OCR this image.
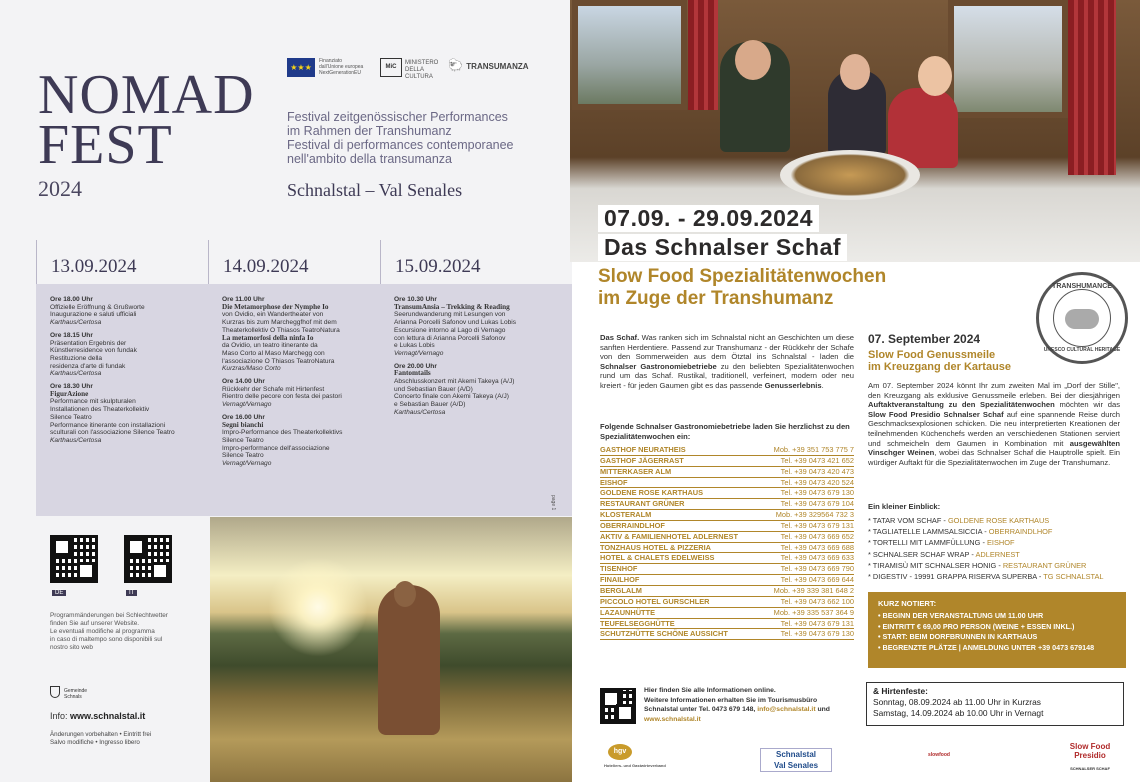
NOMAD
FEST
2024
★★★
Finanziato
dall'Unione europea
NextGenerationEU
MiC
MINISTERO DELLA CULTURA
🐑 TRANSUMANZA
Festival zeitgenössischer Performances
im Rahmen der Transhumanz
Festival di performances contemporanee
nell'ambito della transumanza
Schnalstal – Val Senales
13.09.2024
Ore 18.00 Uhr
Offizielle Eröffnung & Grußworte
Inaugurazione e saluti ufficiali
Karthaus/Certosa
Ore 18.15 Uhr
Präsentation Ergebnis der
Künstlerresidence von fundak
Restituzione della
residenza d'arte di fundak
Karthaus/Certosa
Ore 18.30 Uhr
FigurAzione
Performance mit skulpturalen
Installationen des Theaterkollektiv
Silence Teatro
Performance itinerante con installazioni
sculturali con l'associazione Silence Teatro
Karthaus/Certosa
14.09.2024
Ore 11.00 Uhr
Die Metamorphose der Nymphe Io
von Ovidio, ein Wandertheater von
Kurzras bis zum Marcheggfhof mit dem
Theaterkollektiv O Thiasos TeatroNatura
La metamorfosi della ninfa Io
da Ovidio, un teatro itinerante da
Maso Corto al Maso Marchegg con
l'associazione O Thiasos TeatroNatura
Kurzras/Maso Corto
Ore 14.00 Uhr
Rückkehr der Schafe mit Hirtenfest
Rientro delle pecore con festa dei pastori
Vernagt/Vernago
Ore 16.00 Uhr
Segni bianchi
Impro-Performance des Theaterkollektivs
Silence Teatro
Impro-performance dell'associazione
Silence Teatro
Vernagt/Vernago
15.09.2024
Ore 10.30 Uhr
TransumAnsia – Trekking & Reading
Seerundwanderung mit Lesungen von
Arianna Porcelli Safonov und Lukas Lobis
Escursione intorno al Lago di Vernago
con lettura di Arianna Porcelli Safonov
e Lukas Lobis
Vernagt/Vernago
Ore 20.00 Uhr
Fantomtails
Abschlusskonzert mit Akemi Takeya (A/J)
und Sebastian Bauer (A/D)
Concerto finale con Akemi Takeya (A/J)
e Sebastian Bauer (A/D)
Karthaus/Certosa
page 1
DE	IT
Programmänderungen bei Schlechtwetter
finden Sie auf unserer Website.
Le eventuali modifiche al programma
in caso di maltempo sono disponibili sul
nostro sito web
Gemeinde
Schnals
Info: www.schnalstal.it
Änderungen vorbehalten • Eintritt frei
Salvo modifiche • Ingresso libero
07.09. - 29.09.2024
Das Schnalser Schaf
Slow Food Spezialitätenwochen
im Zuge der Transhumanz
TRANSHUMANCE
UNESCO CULTURAL HERITAGE
Das Schaf. Was ranken sich im Schnalstal nicht an Geschichten um diese sanften Herdentiere. Passend zur Transhumanz - der Rückkehr der Schafe von den Sommerweiden aus dem Ötztal ins Schnalstal - laden die Schnalser Gastronomiebetriebe zu den beliebten Spezialitätenwochen rund um das Schaf. Rustikal, traditionell, verfeinert, modern oder neu kreiert - für jeden Gaumen gibt es das passende Genusserlebnis.
Folgende Schnalser Gastronomiebetriebe laden Sie herzlichst zu den Spezialitätenwochen ein:
GASTHOF NEURATHEIS	Mob. +39 351 753 775 7
GASTHOF JÄGERRAST	Tel. +39 0473 421 652
MITTERKASER ALM	Tel. +39 0473 420 473
EISHOF	Tel. +39 0473 420 524
GOLDENE ROSE KARTHAUS	Tel. +39 0473 679 130
RESTAURANT GRÜNER	Tel. +39 0473 679 104
KLOSTERALM	Mob. +39 329564 732 3
OBERRAINDLHOF	Tel. +39 0473 679 131
AKTIV & FAMILIENHOTEL ADLERNEST	Tel. +39 0473 669 652
TONZHAUS HOTEL & PIZZERIA	Tel. +39 0473 669 688
HOTEL & CHALETS EDELWEISS	Tel. +39 0473 669 633
TISENHOF	Tel. +39 0473 669 790
FINAILHOF	Tel. +39 0473 669 644
BERGLALM	Mob. +39 339 381 648 2
PICCOLO HOTEL GURSCHLER	Tel. +39 0473 662 100
LAZAUNHÜTTE	Mob. +39 335 537 364 9
TEUFELSEGGHÜTTE	Tel. +39 0473 679 131
SCHUTZHÜTTE SCHÖNE AUSSICHT	Tel. +39 0473 679 130
07. September 2024
Slow Food Genussmeile
im Kreuzgang der Kartause
Am 07. September 2024 könnt Ihr zum zweiten Mal im „Dorf der Stille", den Kreuzgang als exklusive Genussmeile erleben. Bei der diesjährigen Auftaktveranstaltung zu den Spezialitätenwochen möchten wir das Slow Food Presidio Schnalser Schaf auf eine spannende Reise durch Geschmacksexplosionen schicken. Die neu interpretierten Kreationen der teilnehmenden Küchenchefs werden an verschiedenen Stationen serviert und schmeicheln dem Gaumen in Kombination mit ausgewählten Vinschger Weinen, wobei das Schnalser Schaf die Hauptrolle spielt. Ein würdiger Auftakt für die Spezialitätenwochen im Zuge der Transhumanz.
Ein kleiner Einblick:
* TATAR VOM SCHAF - GOLDENE ROSE KARTHAUS
* TAGLIATELLE LAMMSALSICCIA - OBERRAINDLHOF
* TORTELLI MIT LAMMFÜLLUNG - EISHOF
* SCHNALSER SCHAF WRAP - ADLERNEST
* TIRAMISÙ MIT SCHNALSER HONIG - RESTAURANT GRÜNER
* DIGESTIV - 19991 GRAPPA RISERVA SUPERBA - TG SCHNALSTAL
KURZ NOTIERT:
• BEGINN DER VERANSTALTUNG UM 11.00 UHR
• EINTRITT € 69,00 PRO PERSON (WEINE + ESSEN INKL.)
• START: BEIM DORFBRUNNEN IN KARTHAUS
• BEGRENZTE PLÄTZE | ANMELDUNG UNTER +39 0473 679148
& Hirtenfeste:
Sonntag, 08.09.2024 ab 11.00 Uhr in Kurzras
Samstag, 14.09.2024 ab 10.00 Uhr in Vernagt
Hier finden Sie alle Informationen online.
Weitere Informationen erhalten Sie im Tourismusbüro
Schnalstal unter Tel. 0473 679 148, info@schnalstal.it und
www.schnalstal.it
hgv
Hoteliers- und Gastwirteverband
Schnalstal
Val Senales
slowfood
Slow Food
Presidio
SCHNALSER SCHAF
